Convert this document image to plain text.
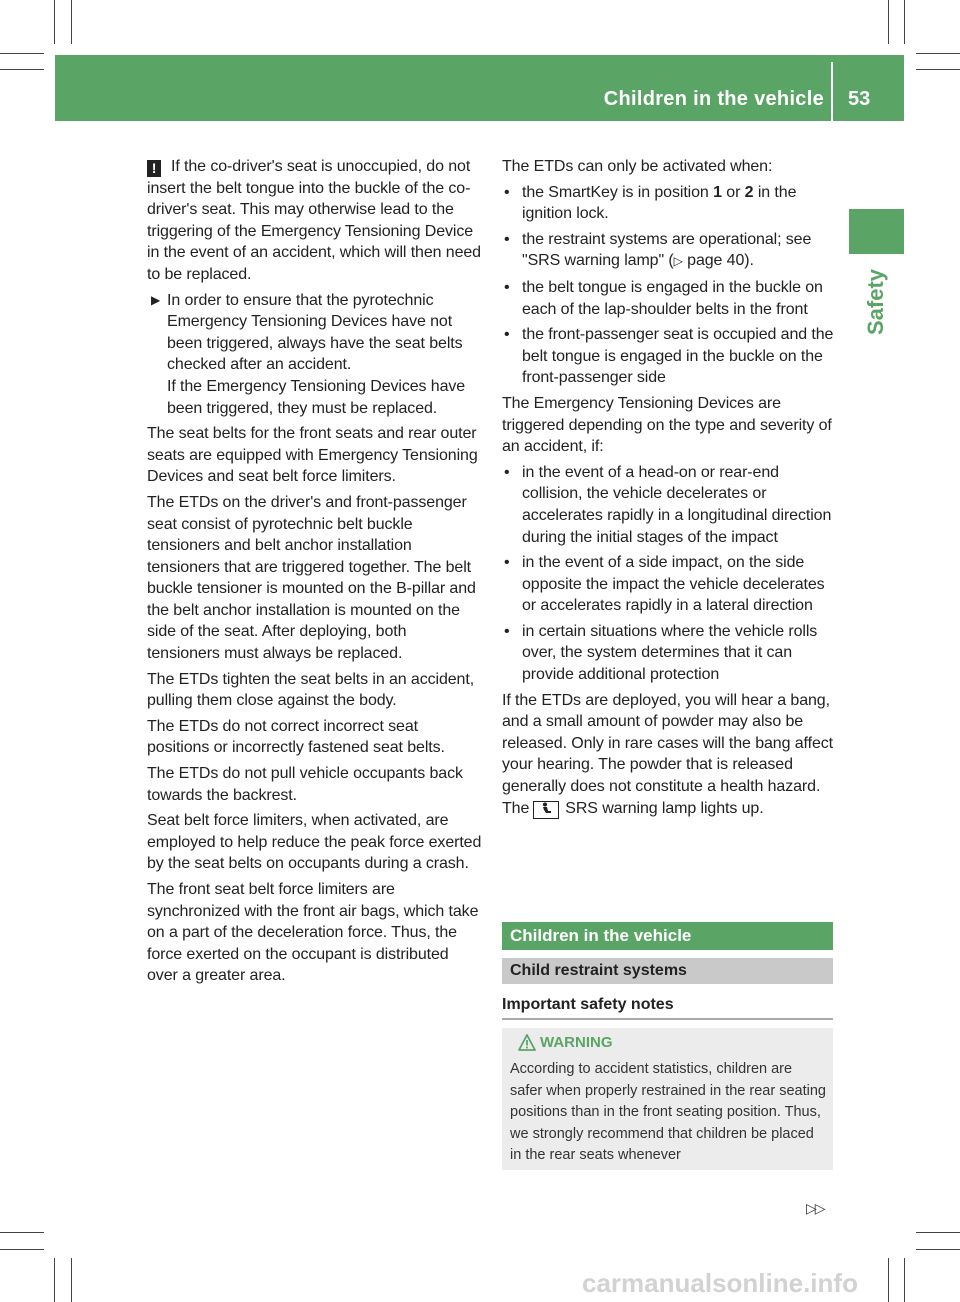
Children in the vehicle 53
Safety
! If the co-driver's seat is unoccupied, do not insert the belt tongue into the buckle of the co-driver's seat. This may otherwise lead to the triggering of the Emergency Tensioning Device in the event of an accident, which will then need to be replaced.
▶ In order to ensure that the pyrotechnic Emergency Tensioning Devices have not been triggered, always have the seat belts checked after an accident.
If the Emergency Tensioning Devices have been triggered, they must be replaced.

The seat belts for the front seats and rear outer seats are equipped with Emergency Tensioning Devices and seat belt force limiters.

The ETDs on the driver's and front-passenger seat consist of pyrotechnic belt buckle tensioners and belt anchor installation tensioners that are triggered together. The belt buckle tensioner is mounted on the B-pillar and the belt anchor installation is mounted on the side of the seat. After deploying, both tensioners must always be replaced.

The ETDs tighten the seat belts in an accident, pulling them close against the body.

The ETDs do not correct incorrect seat positions or incorrectly fastened seat belts.

The ETDs do not pull vehicle occupants back towards the backrest.

Seat belt force limiters, when activated, are employed to help reduce the peak force exerted by the seat belts on occupants during a crash.

The front seat belt force limiters are synchronized with the front air bags, which take on a part of the deceleration force. Thus, the force exerted on the occupant is distributed over a greater area.

The ETDs can only be activated when:

• the SmartKey is in position 1 or 2 in the ignition lock.
• the restraint systems are operational; see "SRS warning lamp" (▷ page 40).
• the belt tongue is engaged in the buckle on each of the lap-shoulder belts in the front
• the front-passenger seat is occupied and the belt tongue is engaged in the buckle on the front-passenger side

The Emergency Tensioning Devices are triggered depending on the type and severity of an accident, if:

• in the event of a head-on or rear-end collision, the vehicle decelerates or accelerates rapidly in a longitudinal direction during the initial stages of the impact
• in the event of a side impact, on the side opposite the impact the vehicle decelerates or accelerates rapidly in a lateral direction
• in certain situations where the vehicle rolls over, the system determines that it can provide additional protection

If the ETDs are deployed, you will hear a bang, and a small amount of powder may also be released. Only in rare cases will the bang affect your hearing. The powder that is released generally does not constitute a health hazard. The SRS warning lamp lights up.

Children in the vehicle
Child restraint systems
Important safety notes
WARNING
According to accident statistics, children are safer when properly restrained in the rear seating positions than in the front seating position. Thus, we strongly recommend that children be placed in the rear seats whenever
▷▷
carmanualsonline.info
